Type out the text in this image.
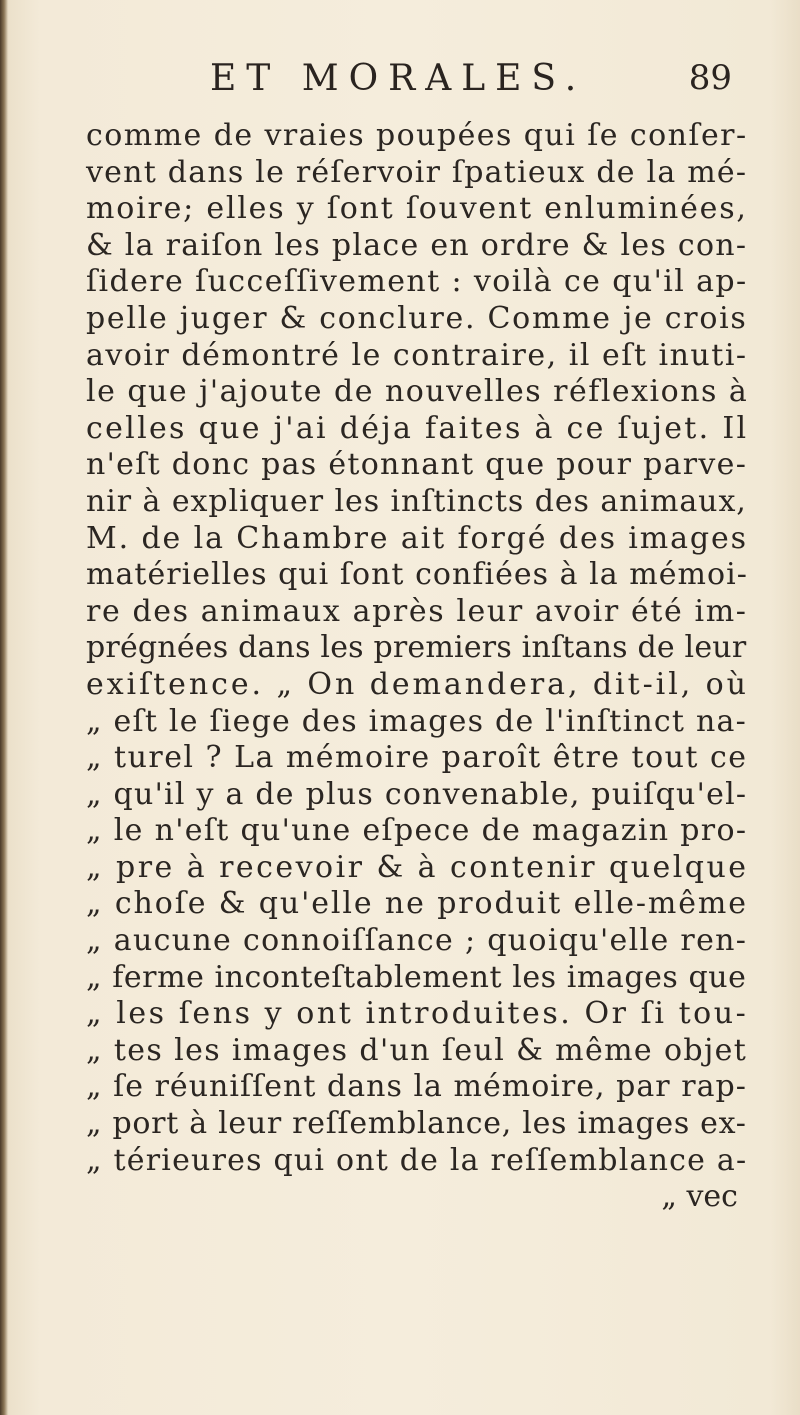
ET MORALES.	89
comme de vraies poupées qui ſe conſer-
vent dans le réſervoir ſpatieux de la mé-
moire; elles y ſont ſouvent enluminées,
& la raiſon les place en ordre & les con-
ſidere ſucceſſivement : voilà ce qu'il ap-
pelle juger & conclure. Comme je crois
avoir démontré le contraire, il eſt inuti-
le que j'ajoute de nouvelles réflexions à
celles que j'ai déja faites à ce ſujet. Il
n'eſt donc pas étonnant que pour parve-
nir à expliquer les inſtincts des animaux,
M. de la Chambre ait forgé des images
matérielles qui ſont confiées à la mémoi-
re des animaux après leur avoir été im-
prégnées dans les premiers inſtans de leur
exiſtence. „ On demandera, dit-il, où
„ eſt le ſiege des images de l'inſtinct na-
„ turel ? La mémoire paroît être tout ce
„ qu'il y a de plus convenable, puiſqu'el-
„ le n'eſt qu'une eſpece de magazin pro-
„ pre à recevoir & à contenir quelque
„ choſe & qu'elle ne produit elle-même
„ aucune connoiſſance ; quoiqu'elle ren-
„ ferme inconteſtablement les images que
„ les ſens y ont introduites. Or ſi tou-
„ tes les images d'un ſeul & même objet
„ ſe réuniſſent dans la mémoire, par rap-
„ port à leur reſſemblance, les images ex-
„ térieures qui ont de la reſſemblance a-
„ vec
